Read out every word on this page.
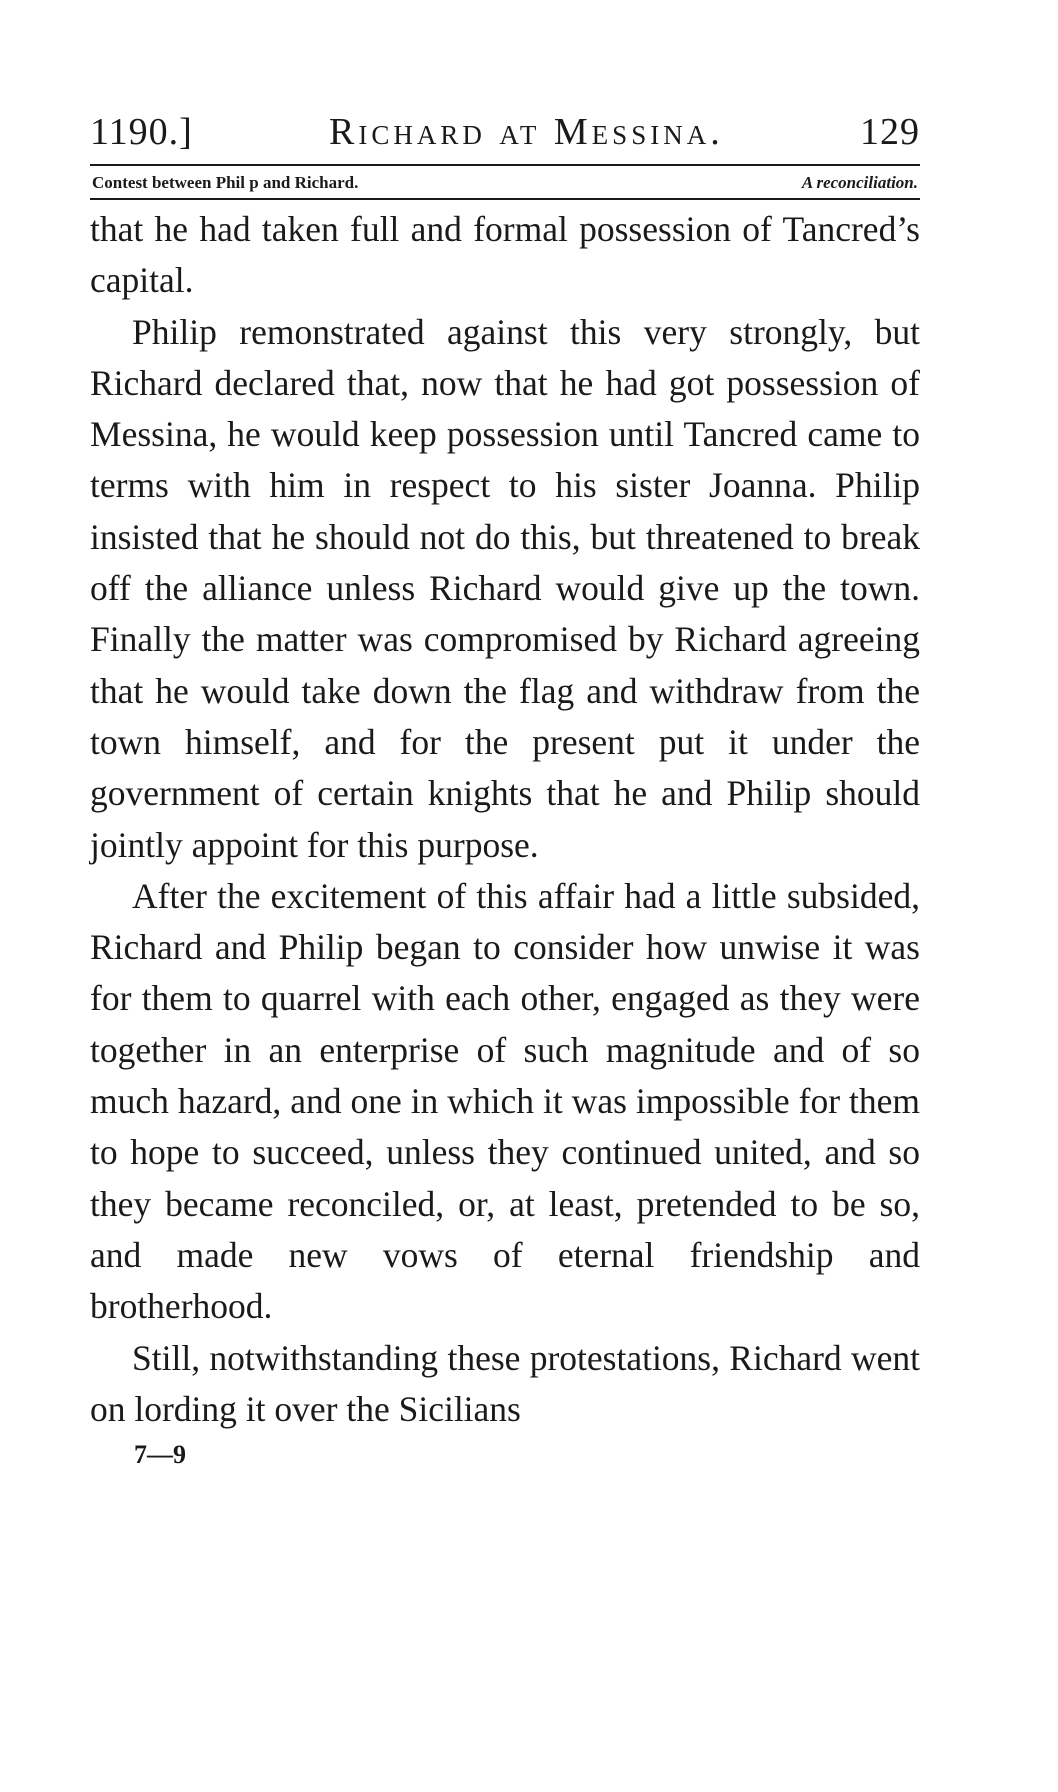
1190.]	Richard at Messina.	129
Contest between Phil p and Richard.	A reconciliation.

that he had taken full and formal possession of Tancred’s capital.

Philip remonstrated against this very strongly, but Richard declared that, now that he had got possession of Messina, he would keep possession until Tancred came to terms with him in respect to his sister Joanna. Philip insisted that he should not do this, but threatened to break off the alliance unless Richard would give up the town. Finally the matter was compromised by Richard agreeing that he would take down the flag and withdraw from the town himself, and for the present put it under the government of certain knights that he and Philip should jointly appoint for this purpose.

After the excitement of this affair had a little subsided, Richard and Philip began to consider how unwise it was for them to quarrel with each other, engaged as they were together in an enterprise of such magnitude and of so much hazard, and one in which it was impossible for them to hope to succeed, unless they continued united, and so they became reconciled, or, at least, pretended to be so, and made new vows of eternal friendship and brotherhood.

Still, notwithstanding these protestations, Richard went on lording it over the Sicilians

7—9
